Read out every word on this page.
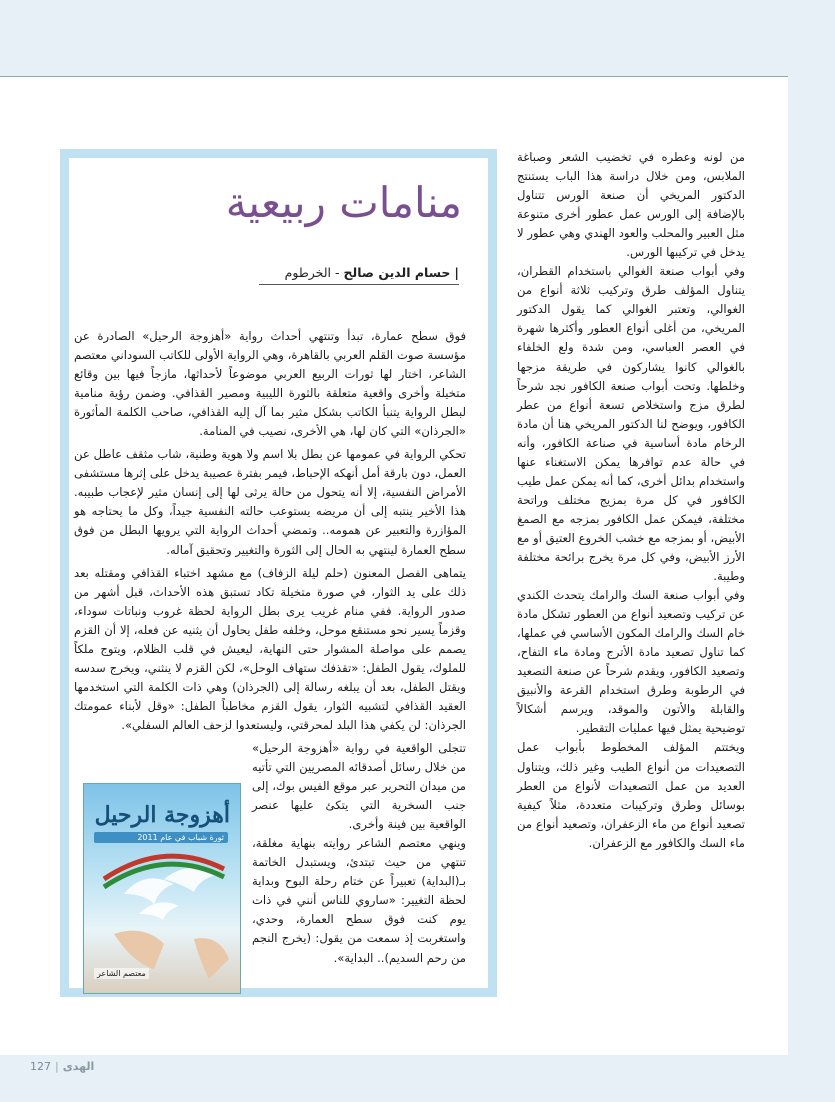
الهدى
|
127

من لونه وعطره في تخضيب الشعر وصباغة الملابس، ومن خلال دراسة هذا الباب يستنتج الدكتور المريخي أن صنعة الورس تتناول بالإضافة إلى الورس عمل عطور أخرى متنوعة مثل العبير والمحلب والعود الهندي وهي عطور لا يدخل في تركيبها الورس.

وفي أبواب صنعة الغوالي باستخدام القطران، يتناول المؤلف طرق وتركيب ثلاثة أنواع من الغوالي، وتعتبر الغوالي كما يقول الدكتور المريخي، من أغلى أنواع العطور وأكثرها شهرة في العصر العباسي، ومن شدة ولع الخلفاء بالغوالي كانوا يشاركون في طريقة مزجها وخلطها. وتحت أبواب صنعة الكافور نجد شرحاً لطرق مزج واستخلاص تسعة أنواع من عطر الكافور، ويوضح لنا الدكتور المريخي هنا أن مادة الرخام مادة أساسية في صناعة الكافور، وأنه في حالة عدم توافرها يمكن الاستغناء عنها واستخدام بدائل أخرى، كما أنه يمكن عمل طيب الكافور في كل مرة بمزيج مختلف وراتحة مختلفة، فيمكن عمل الكافور بمزجه مع الصمغ الأبيض، أو بمزجه مع خشب الخروع العتيق أو مع الأرز الأبيض، وفي كل مرة يخرج برائحة مختلفة وطيبة.

وفي أبواب صنعة السك والرامك يتحدث الكندي عن تركيب وتصعيد أنواع من العطور تشكل مادة خام السك والرامك المكون الأساسي في عملها، كما تناول تصعيد مادة الأترج ومادة ماء التفاح، وتصعيد الكافور، ويقدم شرحاً عن صنعة التصعيد في الرطوبة وطرق استخدام القرعة والأنبيق والقابلة والأتون والموقد، ويرسم أشكالاً توضيحية يمثل فيها عمليات التقطير.

ويختتم المؤلف المخطوط بأبواب عمل التصعيدات من أنواع الطيب وغير ذلك، ويتناول العديد من عمل التصعيدات لأنواع من العطر بوسائل وطرق وتركيبات متعددة، مثلاً كيفية تصعيد أنواع من ماء الزعفران، وتصعيد أنواع من ماء السك والكافور مع الزعفران.

منامات ربيعية
|
حسام الدين صالح
- الخرطوم

فوق سطح عمارة، تبدأ وتنتهي أحداث رواية «أهزوجة الرحيل» الصادرة عن مؤسسة صوت القلم العربي بالقاهرة، وهي الرواية الأولى للكاتب السوداني معتصم الشاعر، اختار لها ثورات الربيع العربي موضوعاً لأحداثها، مازجاً فيها بين وقائع متخيلة وأخرى واقعية متعلقة بالثورة الليبية ومصير القذافي. وضمن رؤية منامية لبطل الرواية يتنبأ الكاتب بشكل مثير بما آل إليه القذافي، صاحب الكلمة المأثورة «الجرذان» التي كان لها، هي الأخرى، نصيب في المنامة.

تحكي الرواية في عمومها عن بطل بلا اسم ولا هوية وطنية، شاب مثقف عاطل عن العمل، دون بارقة أمل أنهكه الإحباط، فيمر بفترة عصيبة يدخل على إثرها مستشفى الأمراض النفسية، إلا أنه يتحول من حالة يرثى لها إلى إنسان مثير لإعجاب طبيبه. هذا الأخير ينتبه إلى أن مريضه يستوعب حالته النفسية جيداً، وكل ما يحتاجه هو المؤازرة والتعبير عن همومه.. وتمضي أحداث الرواية التي يرويها البطل من فوق سطح العمارة لينتهي به الحال إلى الثورة والتغيير وتحقيق آماله.

يتماهى الفصل المعنون (حلم ليلة الزفاف) مع مشهد اختباء القذافي ومقتله بعد ذلك على يد الثوار، في صورة متخيلة تكاد تستبق هذه الأحداث، قبل أشهر من صدور الرواية. ففي منام غريب يرى بطل الرواية لحظة غروب ونباتات سوداء، وقزماً يسير نحو مستنقع موحل، وخلفه طفل يحاول أن يثنيه عن فعله، إلا أن القزم يصمم على مواصلة المشوار حتى النهاية، ليعيش في قلب الظلام، ويتوج ملكاً للملوك، يقول الطفل: «تقذفك ستهاف الوحل»، لكن القزم لا ينثني، ويخرج سدسه ويقتل الطفل، بعد أن يبلغه رسالة إلى (الجرذان) وهي ذات الكلمة التي استخدمها العقيد القذافي لتشبيه الثوار، يقول القزم مخاطباً الطفل: «وقل لأبناء عمومتك الجرذان: لن يكفي هذا البلد لمحرقتي، وليستعدوا لزحف العالم السفلي».

تتجلى الواقعية في رواية «أهزوجة الرحيل» من خلال رسائل أصدقائه المصريين التي تأتيه من ميدان التحرير عبر موقع الفيس بوك، إلى جنب السخرية التي يتكئ عليها عنصر الواقعية بين فينة وأخرى.

وينهي معتصم الشاعر روايته بنهاية مغلقة، تنتهي من حيث تبتدئ، ويستبدل الخاتمة بـ(البداية) تعبيراً عن ختام رحلة البوح وبداية لحظة التغيير: «ساروي للناس أنني في ذات يوم كنت فوق سطح العمارة، وحدي، واستغربت إذ سمعت من يقول: (يخرج النجم من رحم السديم).. البداية».

أهزوجة الرحيل
ثورة شباب في عام 2011
معتصم الشاعر
